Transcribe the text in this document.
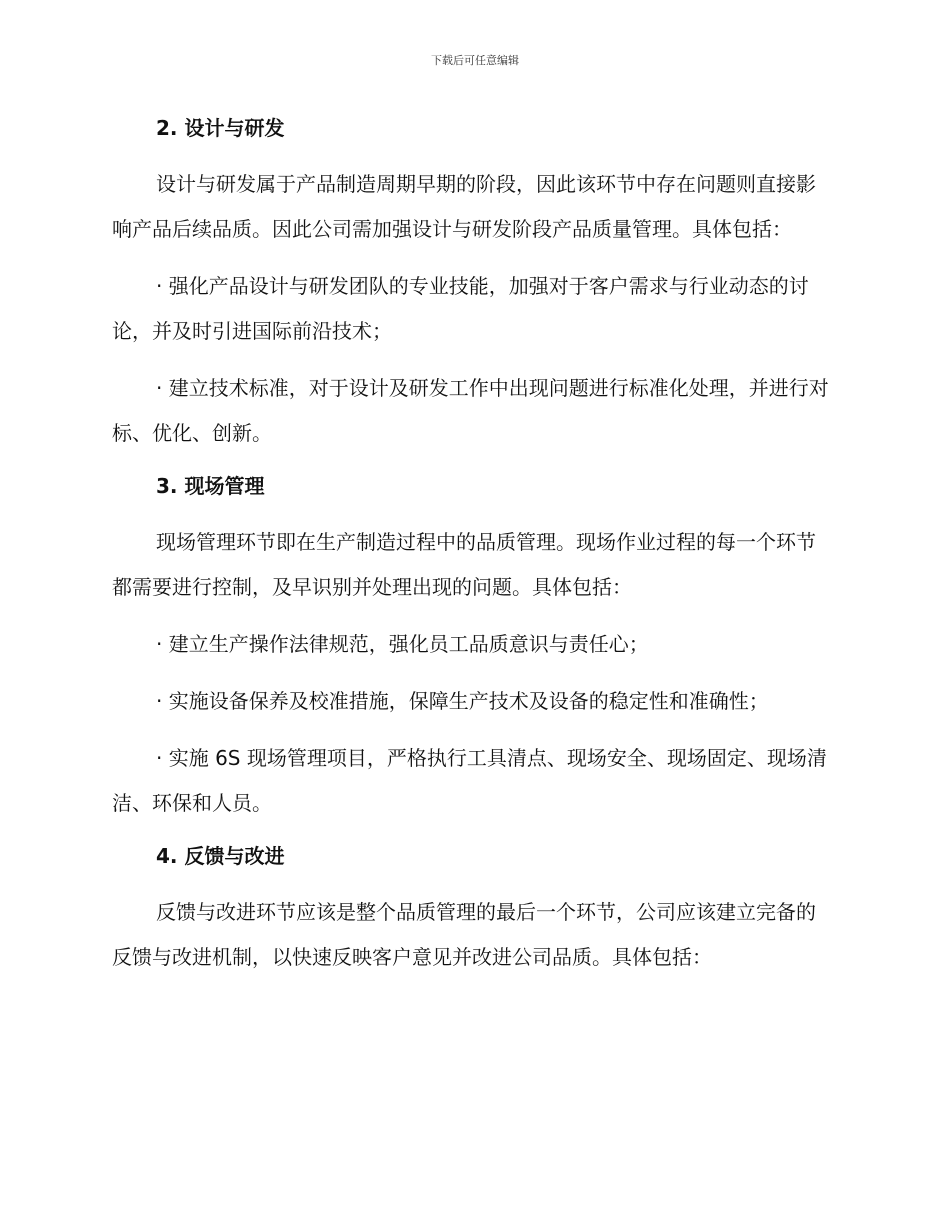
下载后可任意编辑
2. 设计与研发

设计与研发属于产品制造周期早期的阶段，因此该环节中存在问题则直接影响产品后续品质。因此公司需加强设计与研发阶段产品质量管理。具体包括：

· 强化产品设计与研发团队的专业技能，加强对于客户需求与行业动态的讨论，并及时引进国际前沿技术；

· 建立技术标准，对于设计及研发工作中出现问题进行标准化处理，并进行对标、优化、创新。

3. 现场管理

现场管理环节即在生产制造过程中的品质管理。现场作业过程的每一个环节都需要进行控制，及早识别并处理出现的问题。具体包括：

· 建立生产操作法律规范，强化员工品质意识与责任心；

· 实施设备保养及校准措施，保障生产技术及设备的稳定性和准确性；

· 实施 6S 现场管理项目，严格执行工具清点、现场安全、现场固定、现场清洁、环保和人员。

4. 反馈与改进

反馈与改进环节应该是整个品质管理的最后一个环节，公司应该建立完备的反馈与改进机制，以快速反映客户意见并改进公司品质。具体包括：
